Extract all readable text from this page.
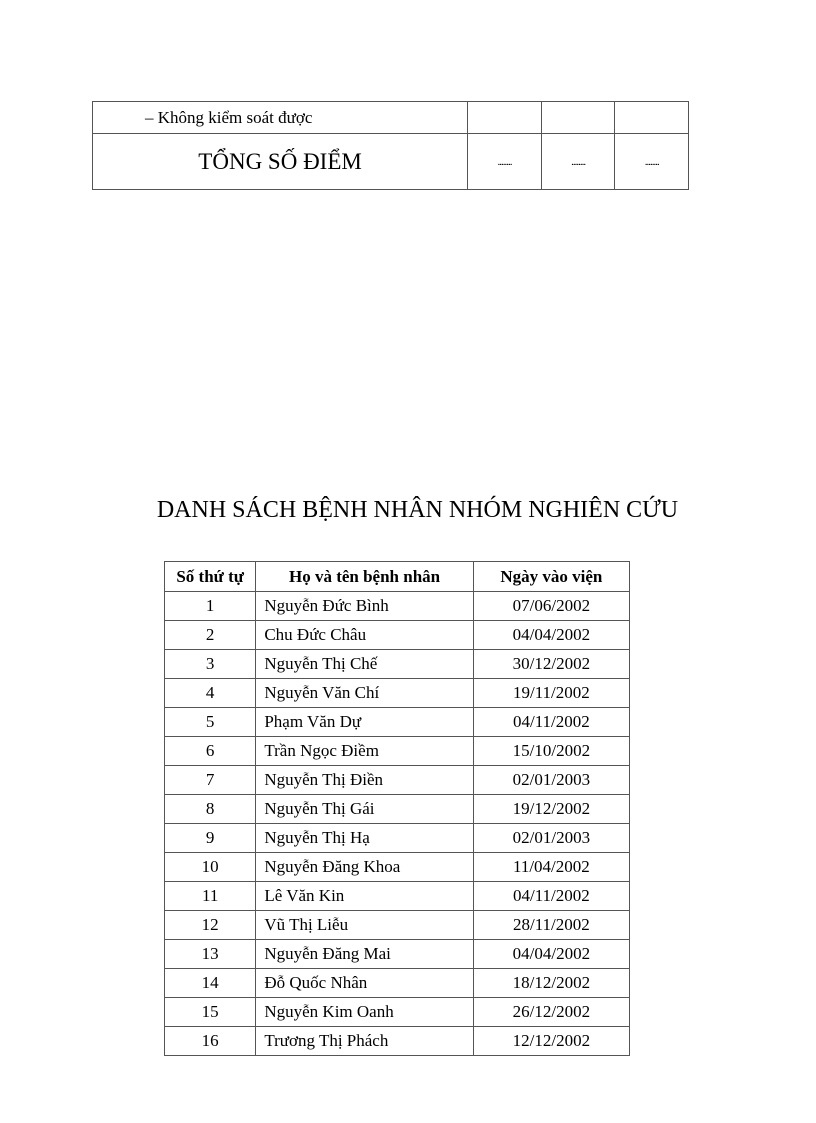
– Không kiểm soát được			
TỔNG SỐ ĐIỂM	........	........	........
DANH SÁCH BỆNH NHÂN NHÓM NGHIÊN CỨU
Số thứ tự	Họ và tên bệnh nhân	Ngày vào viện
1	Nguyễn Đức Bình	07/06/2002
2	Chu Đức Châu	04/04/2002
3	Nguyễn Thị Chế	30/12/2002
4	Nguyễn Văn Chí	19/11/2002
5	Phạm Văn Dự	04/11/2002
6	Trần Ngọc Điềm	15/10/2002
7	Nguyễn Thị Điền	02/01/2003
8	Nguyễn Thị Gái	19/12/2002
9	Nguyễn Thị Hạ	02/01/2003
10	Nguyễn Đăng Khoa	11/04/2002
11	Lê Văn Kin	04/11/2002
12	Vũ Thị Liễu	28/11/2002
13	Nguyễn Đăng Mai	04/04/2002
14	Đỗ Quốc Nhân	18/12/2002
15	Nguyễn Kim Oanh	26/12/2002
16	Trương Thị Phách	12/12/2002
